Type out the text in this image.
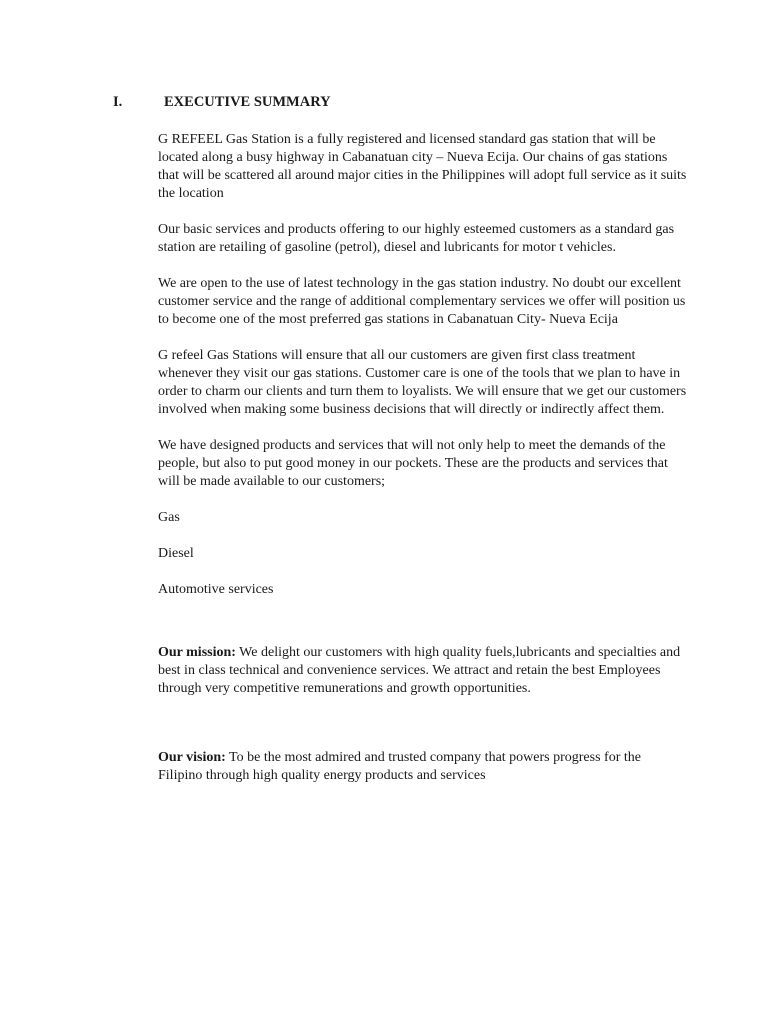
I.	EXECUTIVE SUMMARY

G REFEEL Gas Station is a fully registered and licensed standard gas station that will be located along a busy highway in Cabanatuan city – Nueva Ecija. Our chains of gas stations that will be scattered all around major cities in the Philippines will adopt full service as it suits the location

Our basic services and products offering to our highly esteemed customers as a standard gas station are retailing of gasoline (petrol), diesel and lubricants for motor t vehicles.

We are open to the use of latest technology in the gas station industry. No doubt our excellent customer service and the range of additional complementary services we offer will position us to become one of the most preferred gas stations in Cabanatuan City- Nueva Ecija

G refeel Gas Stations will ensure that all our customers are given first class treatment whenever they visit our gas stations. Customer care is one of the tools that we plan to have in order to charm our clients and turn them to loyalists. We will ensure that we get our customers involved when making some business decisions that will directly or indirectly affect them.

We have designed products and services that will not only help to meet the demands of the people, but also to put good money in our pockets. These are the products and services that will be made available to our customers;

Gas

Diesel

Automotive services

Our mission: We delight our customers with high quality fuels,lubricants and specialties and best in class technical and convenience services. We attract and retain the best Employees through very competitive remunerations and growth opportunities.

Our vision: To be the most admired and trusted company that powers progress for the Filipino through high quality energy products and services
